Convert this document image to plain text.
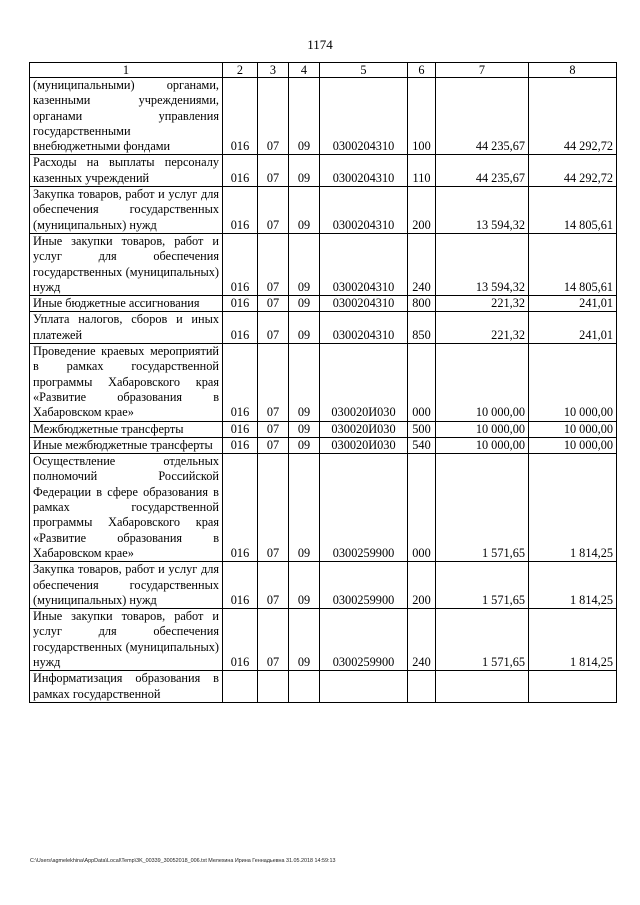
1174
1	2	3	4	5	6	7	8
(муниципальными) органами, казенными учреждениями, органами управления государственными внебюджетными фондами	016	07	09	0300204310	100	44 235,67	44 292,72
Расходы на выплаты персоналу казенных учреждений	016	07	09	0300204310	110	44 235,67	44 292,72
Закупка товаров, работ и услуг для обеспечения государственных (муниципальных) нужд	016	07	09	0300204310	200	13 594,32	14 805,61
Иные закупки товаров, работ и услуг для обеспечения государственных (муниципальных) нужд	016	07	09	0300204310	240	13 594,32	14 805,61
Иные бюджетные ассигнования	016	07	09	0300204310	800	221,32	241,01
Уплата налогов, сборов и иных платежей	016	07	09	0300204310	850	221,32	241,01
Проведение краевых мероприятий в рамках государственной программы Хабаровского края «Развитие образования в Хабаровском крае»	016	07	09	030020И030	000	10 000,00	10 000,00
Межбюджетные трансферты	016	07	09	030020И030	500	10 000,00	10 000,00
Иные межбюджетные трансферты	016	07	09	030020И030	540	10 000,00	10 000,00
Осуществление отдельных полномочий Российской Федерации в сфере образования в рамках государственной программы Хабаровского края «Развитие образования в Хабаровском крае»	016	07	09	0300259900	000	1 571,65	1 814,25
Закупка товаров, работ и услуг для обеспечения государственных (муниципальных) нужд	016	07	09	0300259900	200	1 571,65	1 814,25
Иные закупки товаров, работ и услуг для обеспечения государственных (муниципальных) нужд	016	07	09	0300259900	240	1 571,65	1 814,25
Информатизация образования в рамках государственной							
C:\Users\agmelekhina\AppData\Local\Temp\3K_00339_30052018_006.txt Мелехина Ирина Геннадьевна 31.05.2018 14:59:13
